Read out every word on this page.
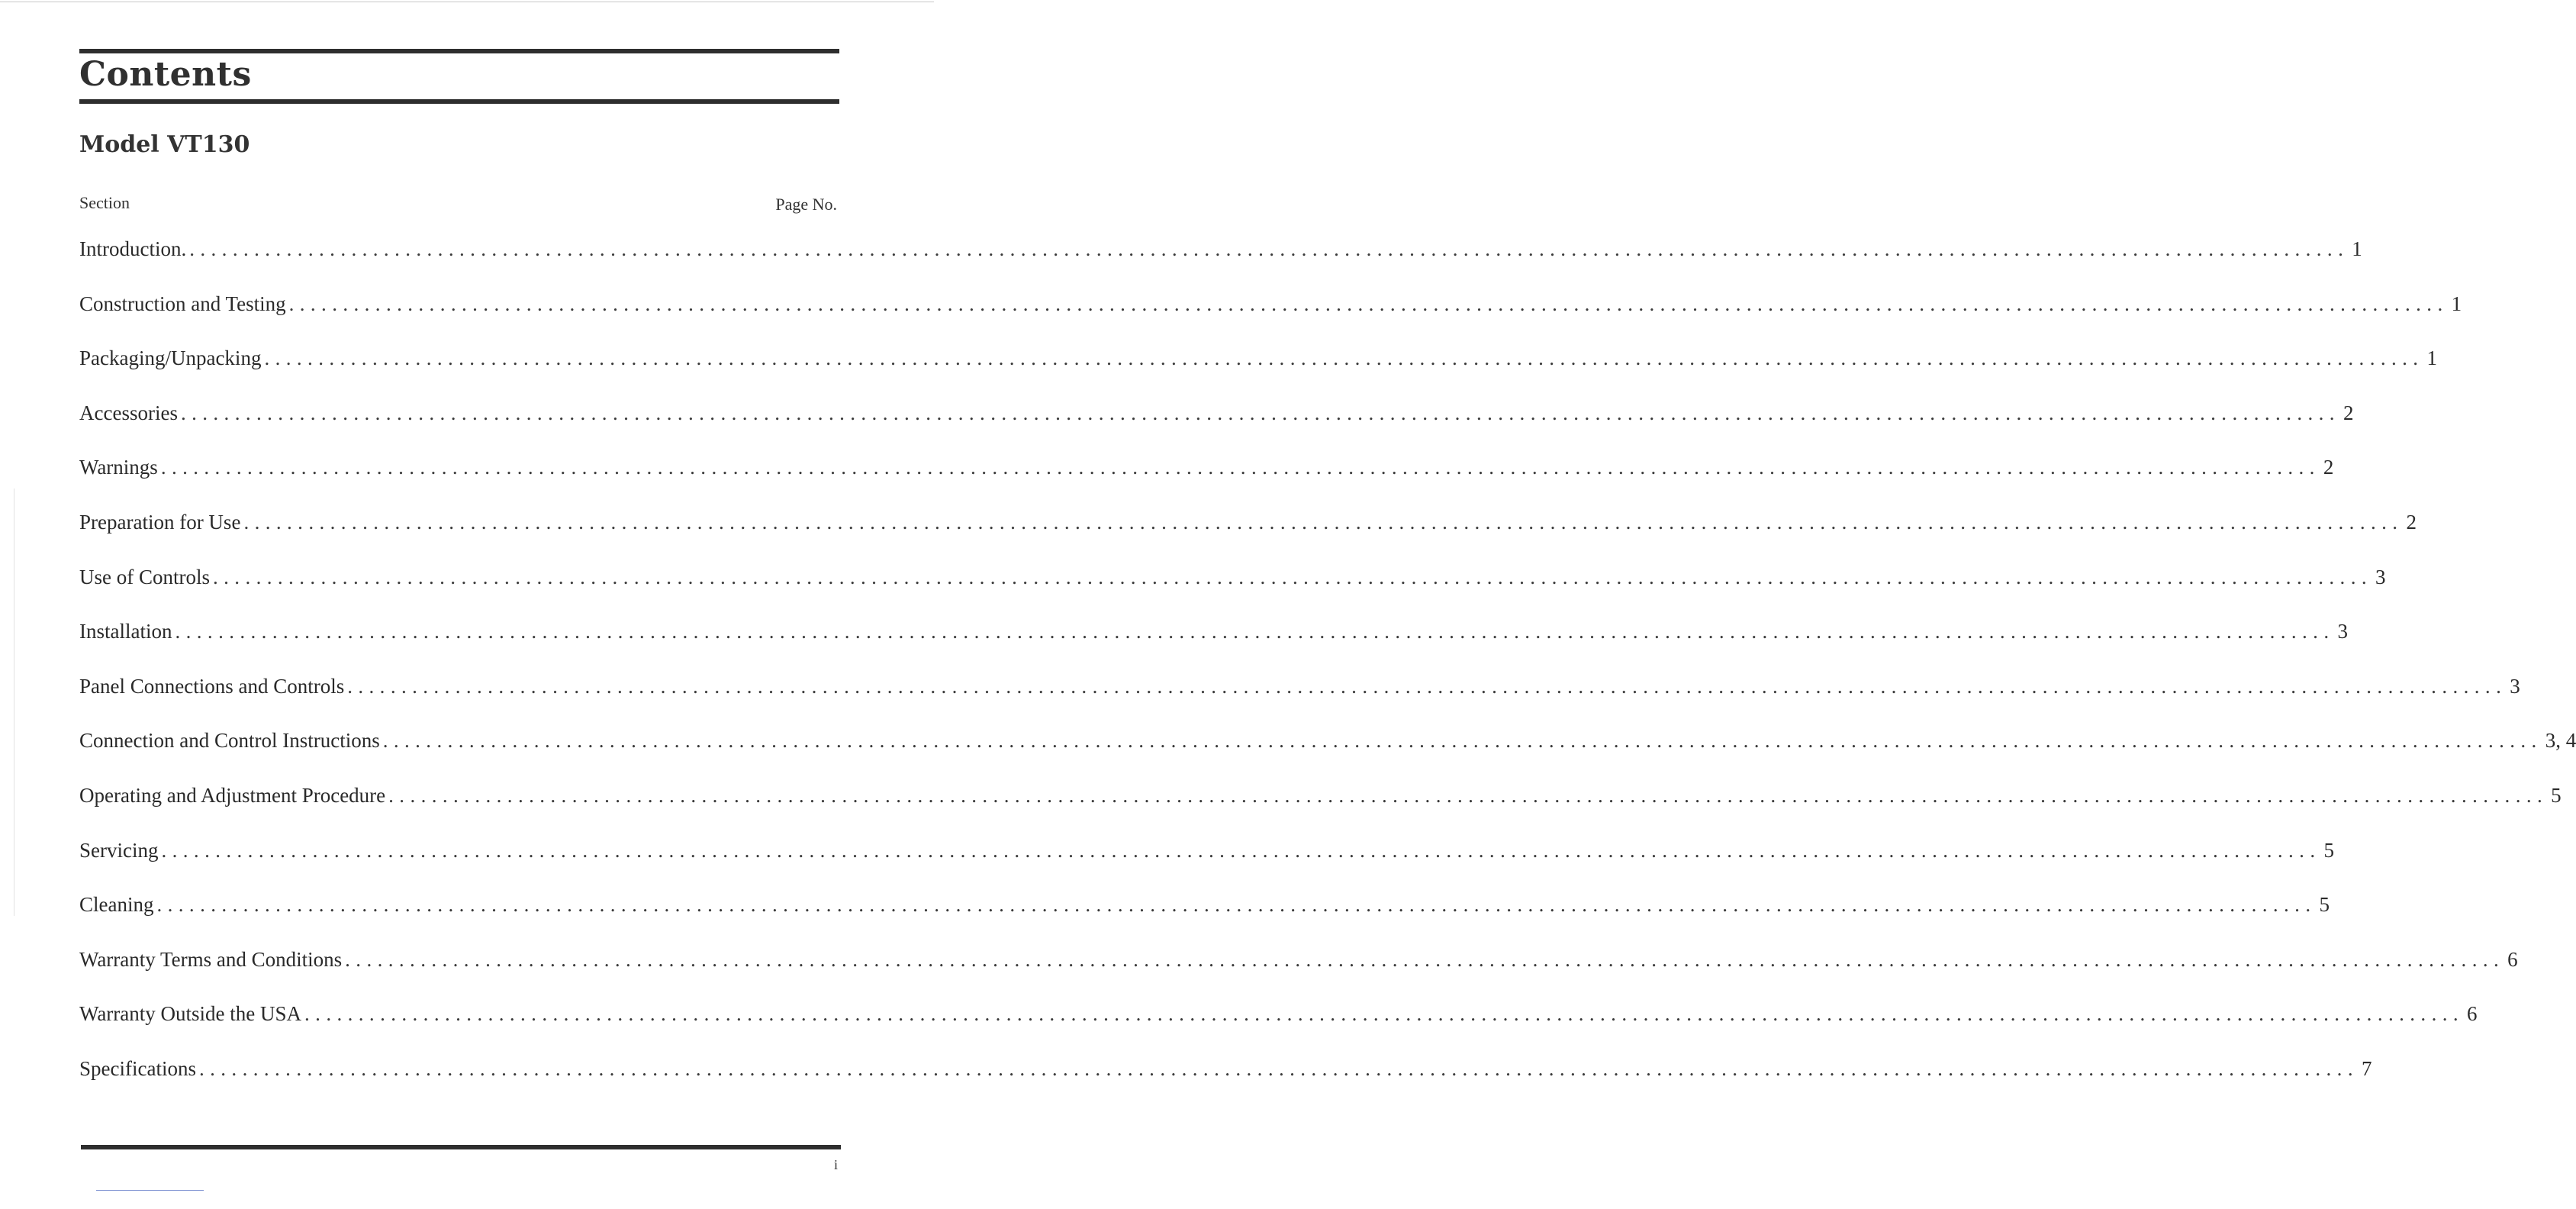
Contents
Model VT130
Section	Page No.
Introduction. ........................................................................................................................................................................................................ 1
Construction and Testing ........................................................................................................................................................................................................ 1
Packaging/Unpacking ........................................................................................................................................................................................................ 1
Accessories ........................................................................................................................................................................................................ 2
Warnings ........................................................................................................................................................................................................ 2
Preparation for Use ........................................................................................................................................................................................................ 2
Use of Controls ........................................................................................................................................................................................................ 3
Installation ........................................................................................................................................................................................................ 3
Panel Connections and Controls ........................................................................................................................................................................................................ 3
Connection and Control Instructions ........................................................................................................................................................................................................ 3, 4
Operating and Adjustment Procedure ........................................................................................................................................................................................................ 5
Servicing ........................................................................................................................................................................................................ 5
Cleaning ........................................................................................................................................................................................................ 5
Warranty Terms and Conditions ........................................................................................................................................................................................................ 6
Warranty Outside the USA ........................................................................................................................................................................................................ 6
Specifications ........................................................................................................................................................................................................ 7
i
